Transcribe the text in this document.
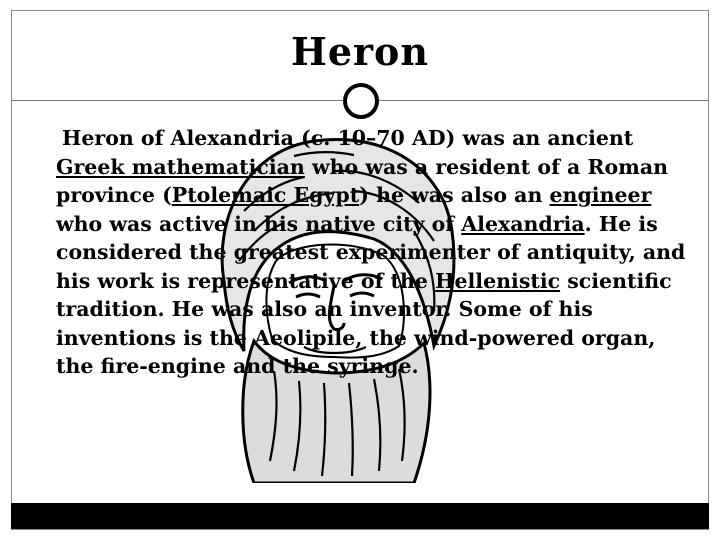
Heron
Heron of Alexandria (c. 10–70 AD) was an ancient Greek mathematician who was a resident of a Roman province (Ptolemaic Egypt) he was also an engineer who was active in his native city of Alexandria. He is considered the greatest experimenter of antiquity, and his work is representative of the Hellenistic scientific tradition. He was also an inventor. Some of his inventions is the Aeolipile, the wind-powered organ, the fire-engine and the syringe.
